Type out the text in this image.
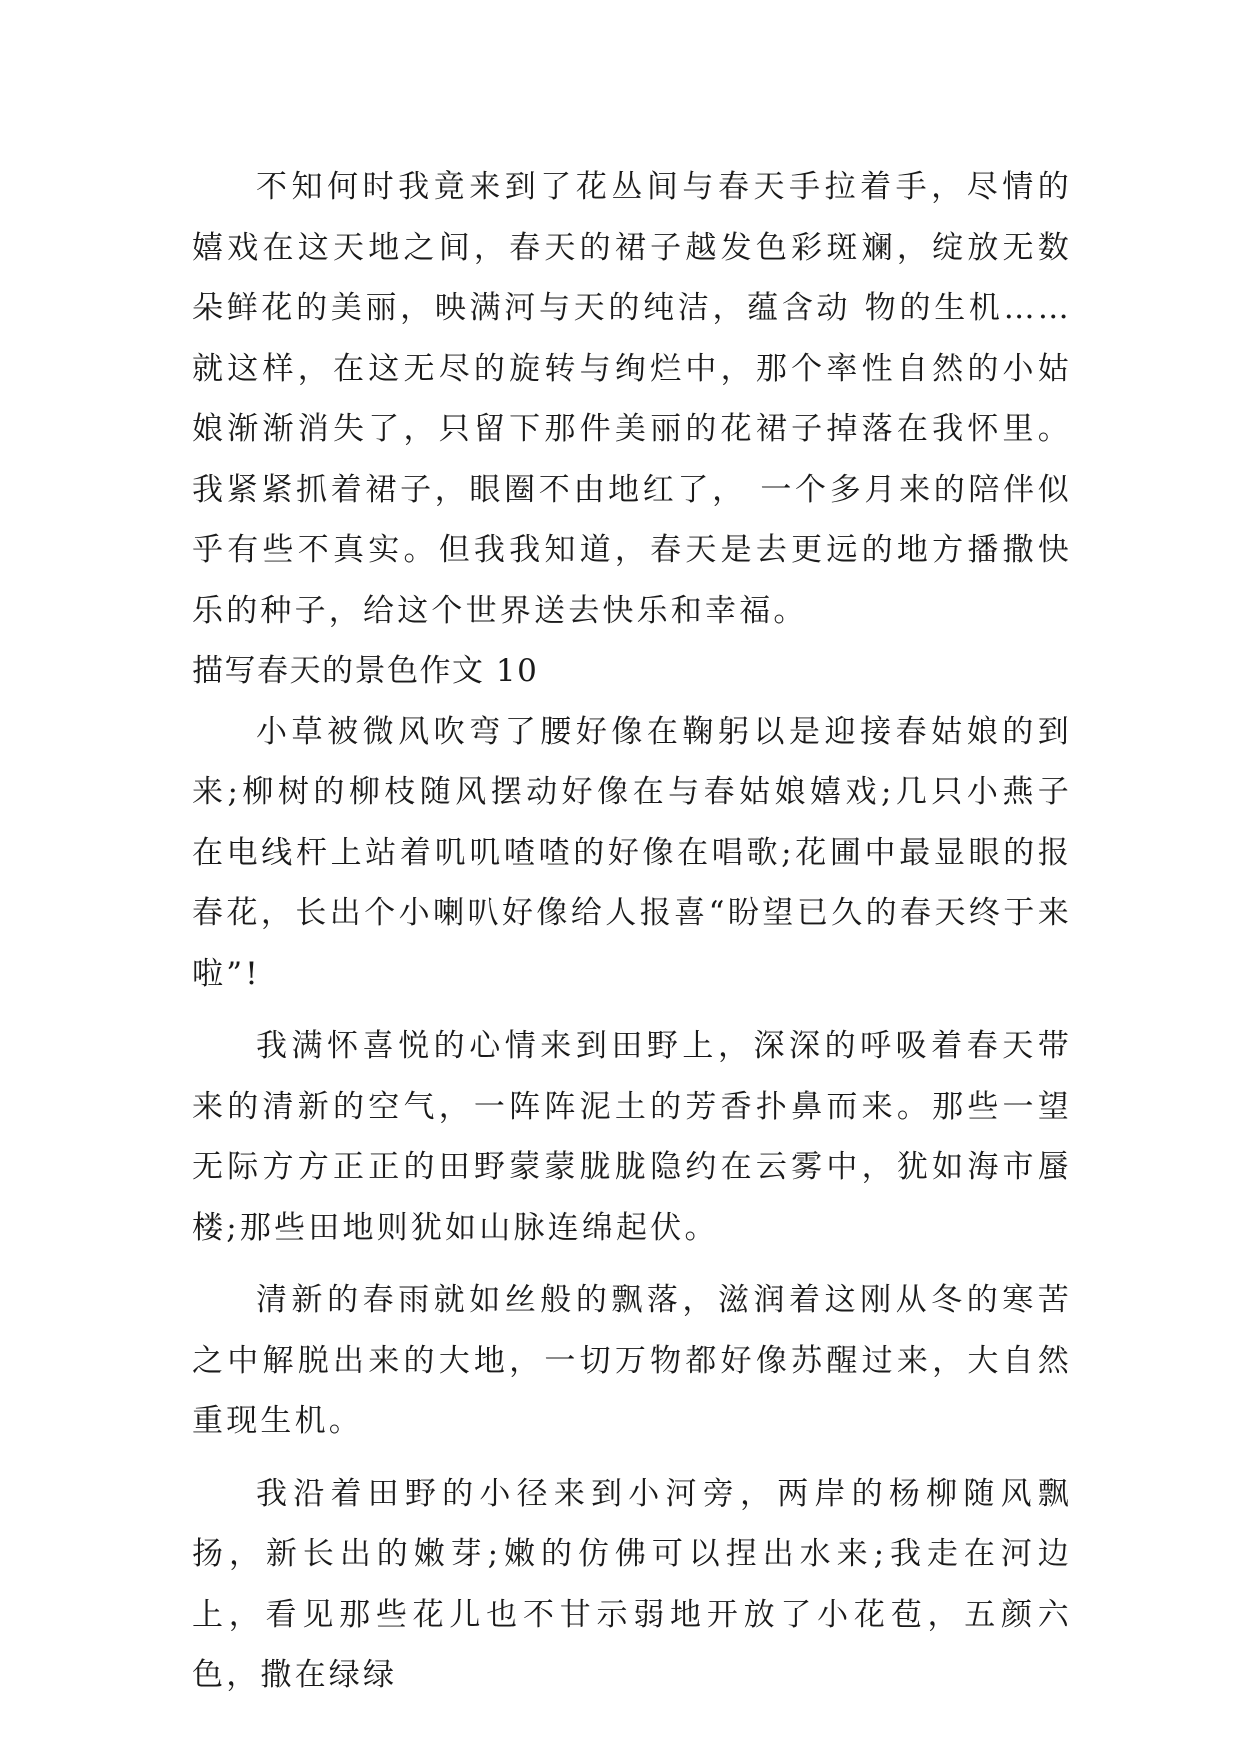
不知何时我竟来到了花丛间与春天手拉着手，尽情的嬉戏在这天地之间，春天的裙子越发色彩斑斓，绽放无数朵鲜花的美丽，映满河与天的纯洁，蕴含动 物的生机……就这样，在这无尽的旋转与绚烂中，那个率性自然的小姑娘渐渐消失了，只留下那件美丽的花裙子掉落在我怀里。我紧紧抓着裙子，眼圈不由地红了， 一个多月来的陪伴似乎有些不真实。但我我知道，春天是去更远的地方播撒快乐的种子，给这个世界送去快乐和幸福。

描写春天的景色作文 10

小草被微风吹弯了腰好像在鞠躬以是迎接春姑娘的到来;柳树的柳枝随风摆动好像在与春姑娘嬉戏;几只小燕子在电线杆上站着叽叽喳喳的好像在唱歌;花圃中最显眼的报春花，长出个小喇叭好像给人报喜“盼望已久的春天终于来啦”!

我满怀喜悦的心情来到田野上，深深的呼吸着春天带来的清新的空气，一阵阵泥土的芳香扑鼻而来。那些一望无际方方正正的田野蒙蒙胧胧隐约在云雾中，犹如海市蜃楼;那些田地则犹如山脉连绵起伏。

清新的春雨就如丝般的飘落，滋润着这刚从冬的寒苦之中解脱出来的大地，一切万物都好像苏醒过来，大自然重现生机。

我沿着田野的小径来到小河旁，两岸的杨柳随风飘扬，新长出的嫩芽;嫩的仿佛可以捏出水来;我走在河边上，看见那些花儿也不甘示弱地开放了小花苞，五颜六色，撒在绿绿
